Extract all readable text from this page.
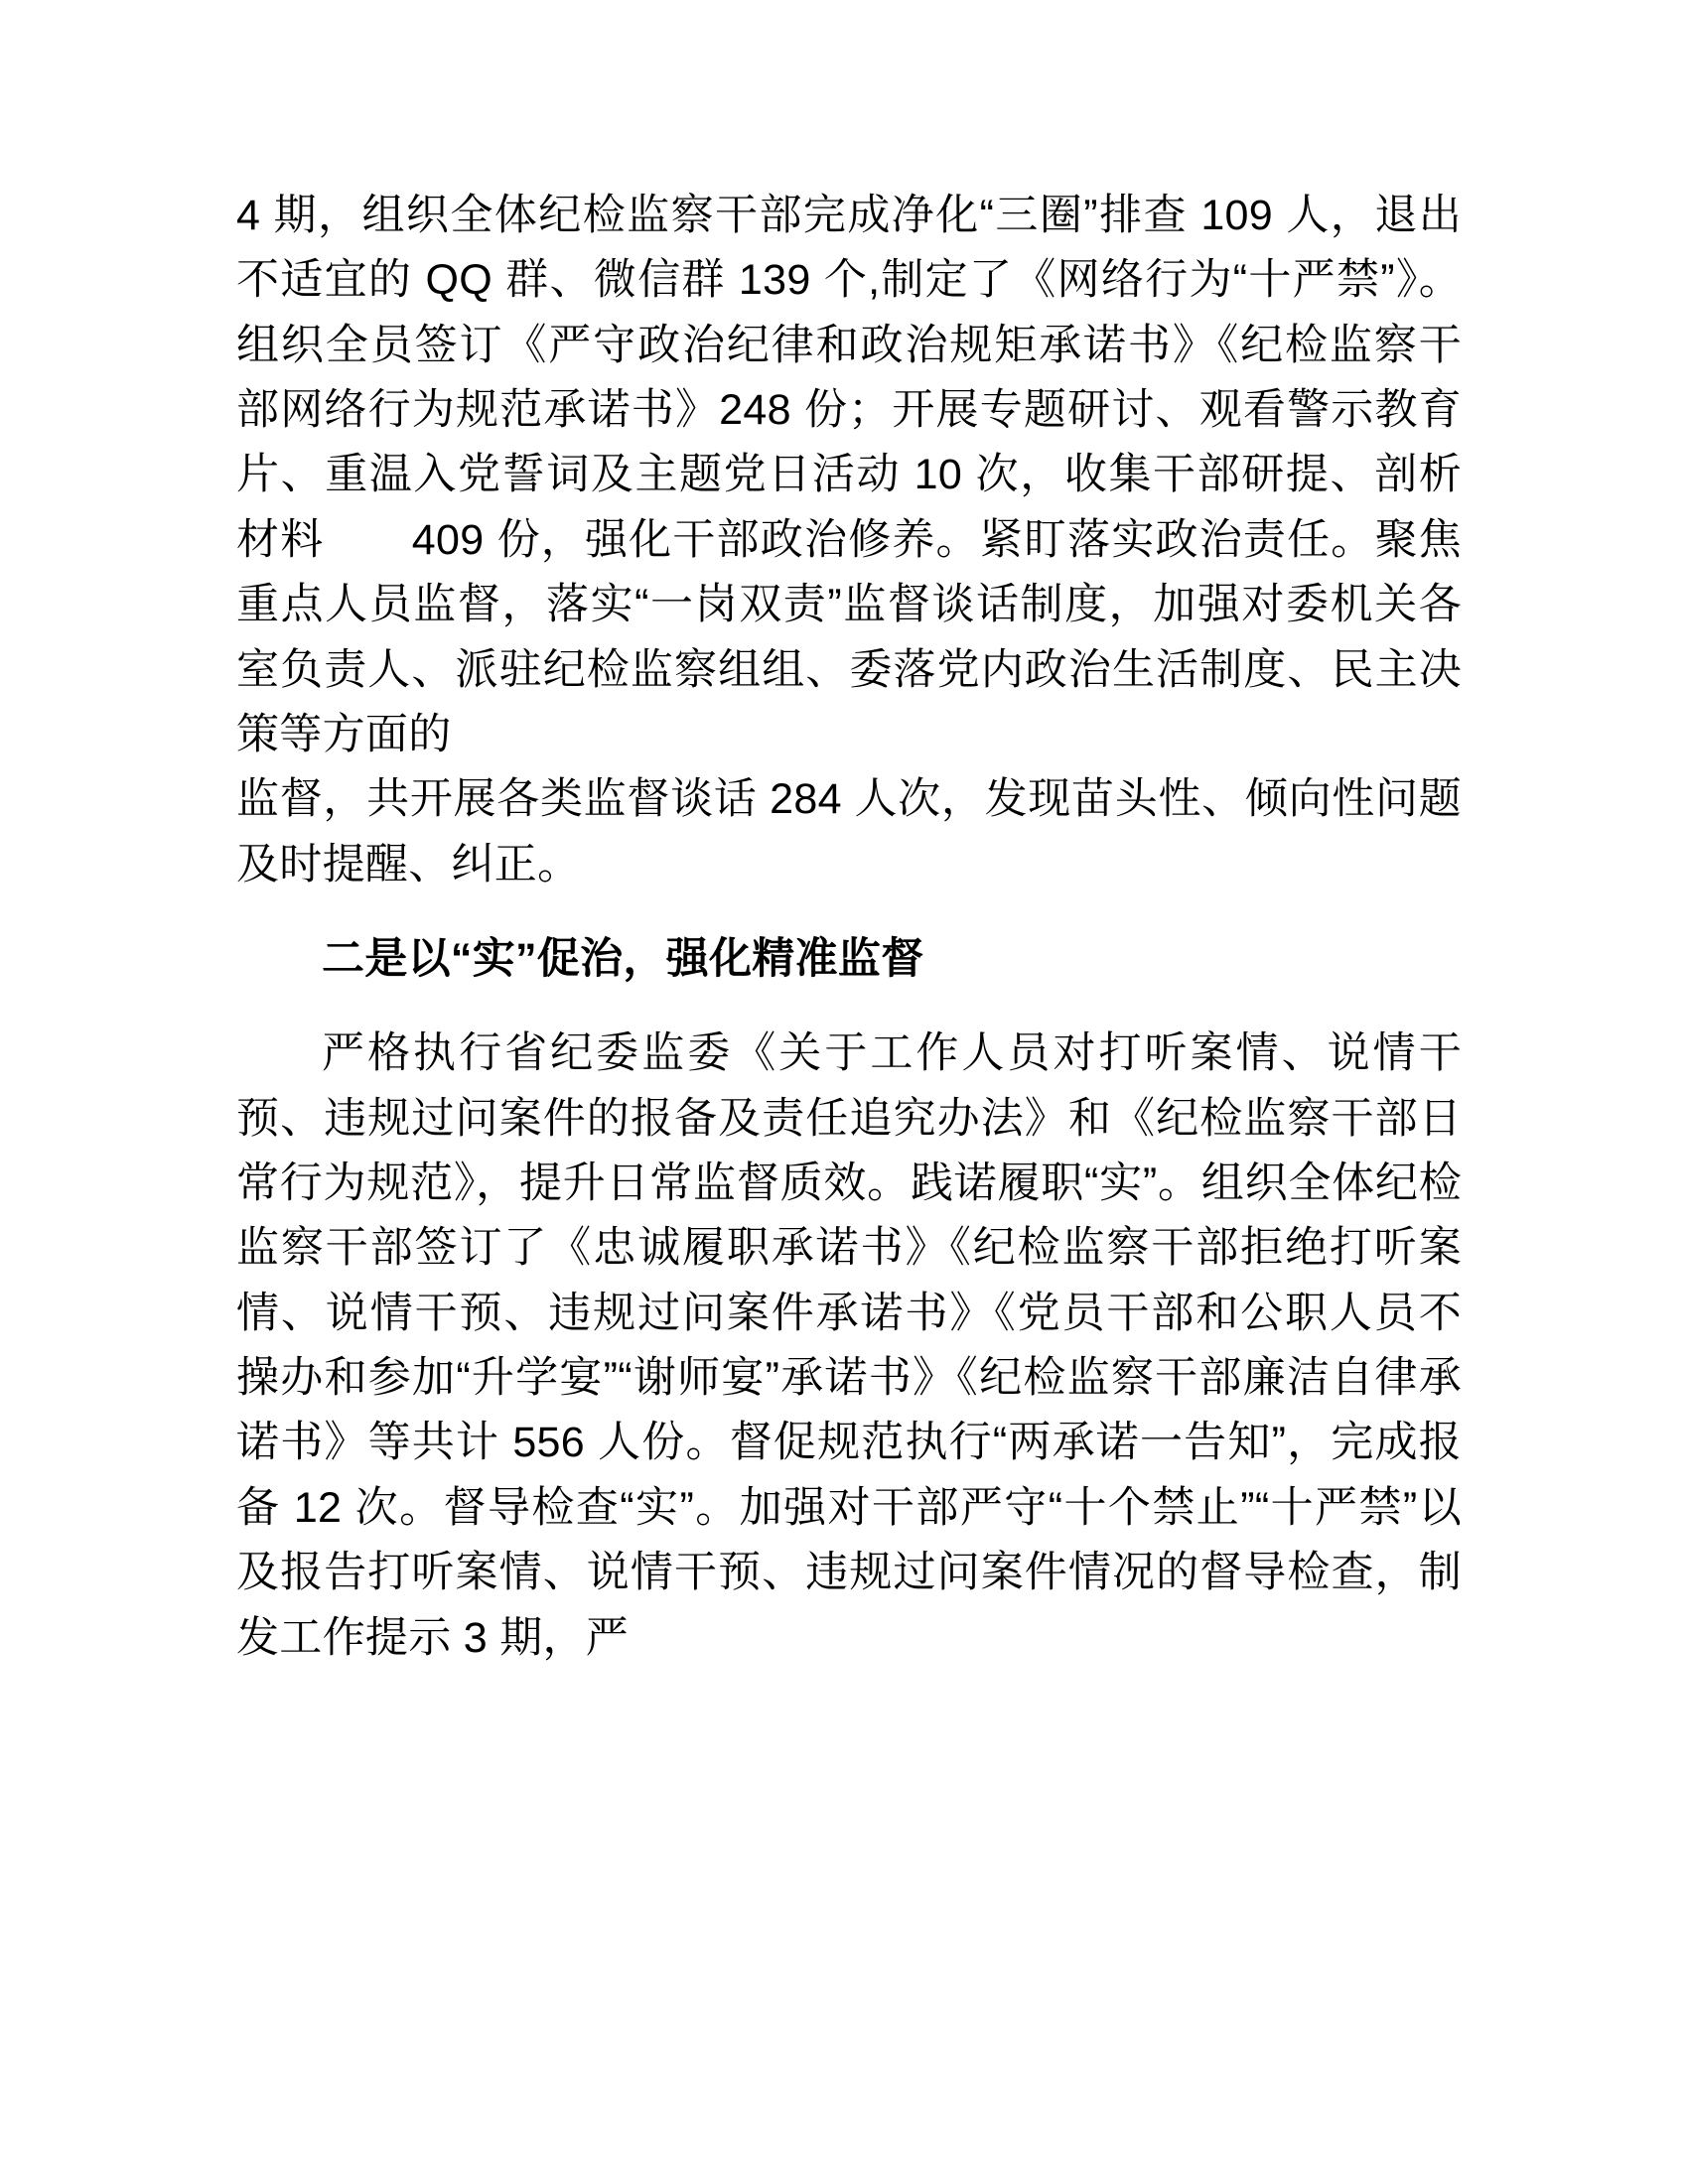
4 期，组织全体纪检监察干部完成净化“三圈”排查 109 人，退出不适宜的 QQ 群、微信群 139 个,制定了《网络行为“十严禁”》。组织全员签订《严守政治纪律和政治规矩承诺书》《纪检监察干部网络行为规范承诺书》248 份；开展专题研讨、观看警示教育片、重温入党誓词及主题党日活动 10 次，收集干部研提、剖析材料　　409 份，强化干部政治修养。紧盯落实政治责任。聚焦重点人员监督，落实“一岗双责”监督谈话制度，加强对委机关各室负责人、派驻纪检监察组组、委落党内政治生活制度、民主决策等方面的

监督，共开展各类监督谈话 284 人次，发现苗头性、倾向性问题及时提醒、纠正。

二是以“实”促治，强化精准监督

严格执行省纪委监委《关于工作人员对打听案情、说情干预、违规过问案件的报备及责任追究办法》和《纪检监察干部日常行为规范》，提升日常监督质效。践诺履职“实”。组织全体纪检监察干部签订了《忠诚履职承诺书》《纪检监察干部拒绝打听案情、说情干预、违规过问案件承诺书》《党员干部和公职人员不操办和参加“升学宴”“谢师宴”承诺书》《纪检监察干部廉洁自律承诺书》等共计 556 人份。督促规范执行“两承诺一告知”，完成报备 12 次。督导检查“实”。加强对干部严守“十个禁止”“十严禁”以及报告打听案情、说情干预、违规过问案件情况的督导检查，制发工作提示 3 期，严
